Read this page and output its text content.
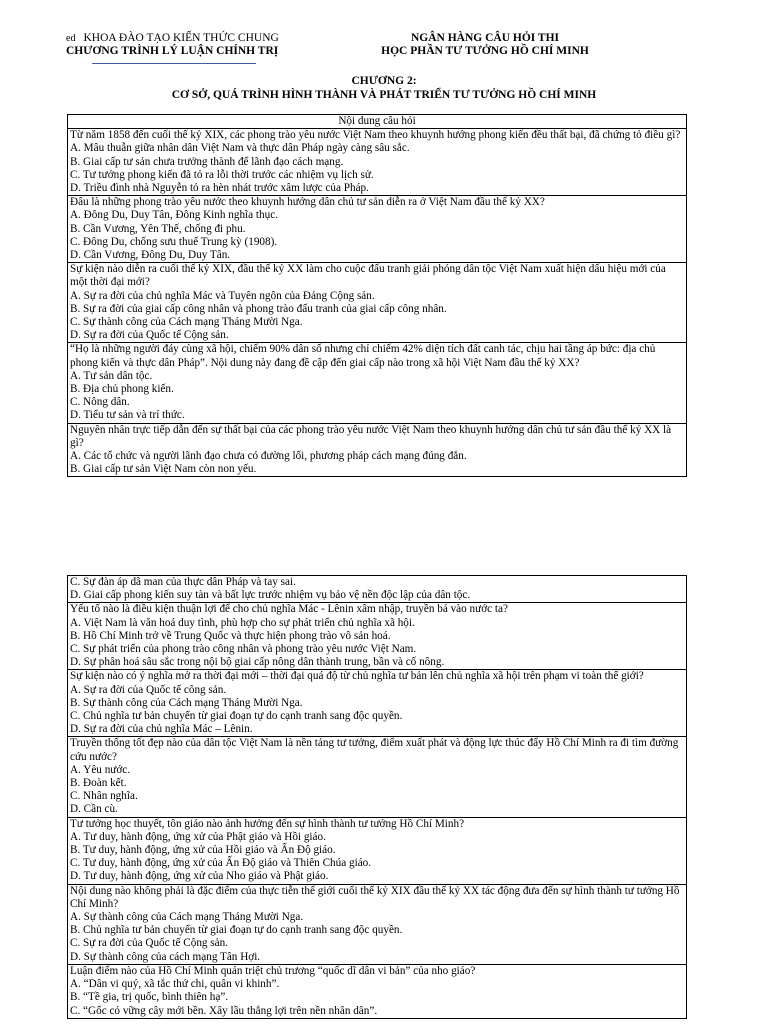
ed KHOA ĐÀO TẠO KIẾN THỨC CHUNG
CHƯƠNG TRÌNH LÝ LUẬN CHÍNH TRỊ
NGÂN HÀNG CÂU HỎI THI
HỌC PHẦN TƯ TƯỞNG HỒ CHÍ MINH
CHƯƠNG 2:
CƠ SỞ, QUÁ TRÌNH HÌNH THÀNH VÀ PHÁT TRIỂN TƯ TƯỞNG HỒ CHÍ MINH
Nội dung câu hỏi

Từ năm 1858 đến cuối thế kỷ XIX, các phong trào yêu nước Việt Nam theo khuynh hướng phong kiến đều thất bại, đã chứng tỏ điều gì?
A. Mâu thuẫn giữa nhân dân Việt Nam và thực dân Pháp ngày càng sâu sắc.
B. Giai cấp tư sản chưa trưởng thành để lãnh đạo cách mạng.
C. Tư tưởng phong kiến đã tỏ ra lỗi thời trước các nhiệm vụ lịch sử.
D. Triều đình nhà Nguyễn tỏ ra hèn nhát trước xâm lược của Pháp.

Đâu là những phong trào yêu nước theo khuynh hướng dân chủ tư sản diễn ra ở Việt Nam đầu thế kỷ XX?
A. Đông Du, Duy Tân, Đông Kinh nghĩa thục.
B. Cần Vương, Yên Thế, chống đi phu.
C. Đông Du, chống sưu thuế Trung kỳ (1908).
D. Cần Vương, Đông Du, Duy Tân.

Sự kiện nào diễn ra cuối thế kỷ XIX, đầu thế kỷ XX làm cho cuộc đấu tranh giải phóng dân tộc Việt Nam xuất hiện dấu hiệu mới của một thời đại mới?
A. Sự ra đời của chủ nghĩa Mác và Tuyên ngôn của Đảng Cộng sản.
B. Sự ra đời của giai cấp công nhân và phong trào đấu tranh của giai cấp công nhân.
C. Sự thành công của Cách mạng Tháng Mười Nga.
D. Sự ra đời của Quốc tế Cộng sản.

“Họ là những người đáy cùng xã hội, chiếm 90% dân số nhưng chỉ chiếm 42% diện tích đất canh tác, chịu hai tầng áp bức: địa chủ phong kiến và thực dân Pháp”. Nội dung này đang đề cập đến giai cấp nào trong xã hội Việt Nam đầu thế kỷ XX?
A. Tư sản dân tộc.
B. Địa chủ phong kiến.
C. Nông dân.
D. Tiểu tư sản và trí thức.

Nguyên nhân trực tiếp dẫn đến sự thất bại của các phong trào yêu nước Việt Nam theo khuynh hướng dân chủ tư sản đầu thế kỷ XX là gì?
A. Các tổ chức và người lãnh đạo chưa có đường lối, phương pháp cách mạng đúng đắn.
B. Giai cấp tư sản Việt Nam còn non yếu.
C. Sự đàn áp dã man của thực dân Pháp và tay sai.
D. Giai cấp phong kiến suy tàn và bất lực trước nhiệm vụ bảo vệ nền độc lập của dân tộc.

Yếu tố nào là điều kiện thuận lợi để cho chủ nghĩa Mác - Lênin xâm nhập, truyền bá vào nước ta?
A. Việt Nam là văn hoá duy tình, phù hợp cho sự phát triển chủ nghĩa xã hội.
B. Hồ Chí Minh trở về Trung Quốc và thực hiện phong trào vô sản hoá.
C. Sự phát triển của phong trào công nhân và phong trào yêu nước Việt Nam.
D. Sự phân hoá sâu sắc trong nội bộ giai cấp nông dân thành trung, bần và cố nông.

Sự kiện nào có ý nghĩa mở ra thời đại mới – thời đại quá độ từ chủ nghĩa tư bản lên chủ nghĩa xã hội trên phạm vi toàn thế giới?
A. Sự ra đời của Quốc tế công sản.
B. Sự thành công của Cách mạng Tháng Mười Nga.
C. Chủ nghĩa tư bản chuyển từ giai đoạn tự do cạnh tranh sang độc quyền.
D. Sự ra đời của chủ nghĩa Mác – Lênin.

Truyền thống tốt đẹp nào của dân tộc Việt Nam là nền tảng tư tưởng, điểm xuất phát và động lực thúc đẩy Hồ Chí Minh ra đi tìm đường cứu nước?
A. Yêu nước.
B. Đoàn kết.
C. Nhân nghĩa.
D. Cần cù.

Tư tưởng học thuyết, tôn giáo nào ảnh hưởng đến sự hình thành tư tưởng Hồ Chí Minh?
A. Tư duy, hành động, ứng xử của Phật giáo và Hồi giáo.
B. Tư duy, hành động, ứng xử của Hồi giáo và Ấn Độ giáo.
C. Tư duy, hành động, ứng xử của Ấn Độ giáo và Thiên Chúa giáo.
D. Tư duy, hành động, ứng xử của Nho giáo và Phật giáo.

Nội dung nào không phải là đặc điểm của thực tiễn thế giới cuối thế kỷ XIX đầu thế kỷ XX tác động đưa đến sự hình thành tư tưởng Hồ Chí Minh?
A. Sự thành công của Cách mạng Tháng Mười Nga.
B. Chủ nghĩa tư bản chuyển từ giai đoạn tự do cạnh tranh sang độc quyền.
C. Sự ra đời của Quốc tế Cộng sản.
D. Sự thành công của cách mạng Tân Hợi.

Luận điểm nào của Hồ Chí Minh quán triệt chủ trương “quốc dĩ dân vi bản” của nho giáo?
A. “Dân vi quý, xã tắc thứ chi, quân vi khinh”.
B. “Tề gia, trị quốc, bình thiên hạ”.
C. “Gốc có vững cây mới bền. Xây lầu thắng lợi trên nền nhân dân”.
